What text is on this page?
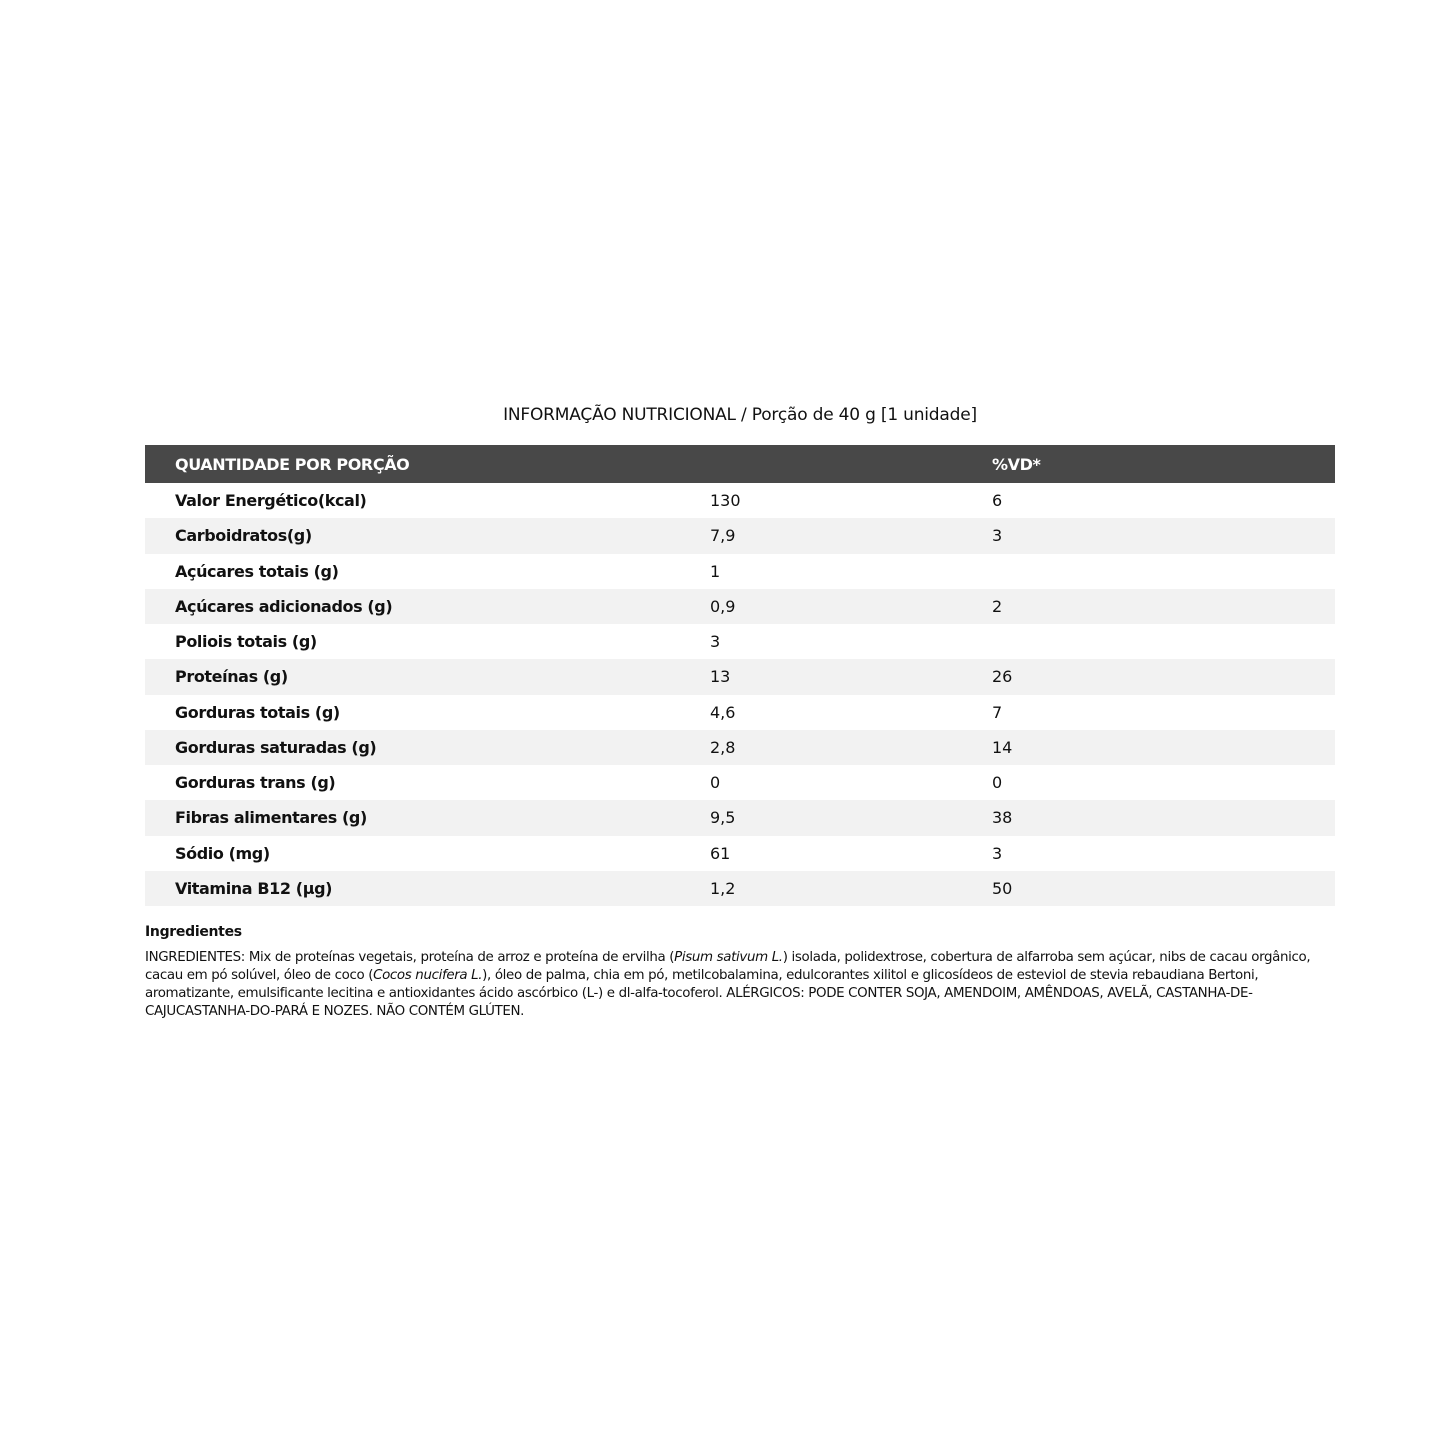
INFORMAÇÃO NUTRICIONAL / Porção de 40 g [1 unidade]
QUANTIDADE POR PORÇÃO		%VD*
Valor Energético(kcal)	130	6
Carboidratos(g)	7,9	3
Açúcares totais (g)	1	
Açúcares adicionados (g)	0,9	2
Poliois totais (g)	3	
Proteínas (g)	13	26
Gorduras totais (g)	4,6	7
Gorduras saturadas (g)	2,8	14
Gorduras trans (g)	0	0
Fibras alimentares (g)	9,5	38
Sódio (mg)	61	3
Vitamina B12 (µg)	1,2	50
Ingredientes
INGREDIENTES: Mix de proteínas vegetais, proteína de arroz e proteína de ervilha (Pisum sativum L.) isolada, polidextrose, cobertura de alfarroba sem açúcar, nibs de cacau orgânico, cacau em pó solúvel, óleo de coco (Cocos nucifera L.), óleo de palma, chia em pó, metilcobalamina, edulcorantes xilitol e glicosídeos de esteviol de stevia rebaudiana Bertoni, aromatizante, emulsificante lecitina e antioxidantes ácido ascórbico (L-) e dl-alfa-tocoferol. ALÉRGICOS: PODE CONTER SOJA, AMENDOIM, AMÊNDOAS, AVELÃ, CASTANHA-DE-CAJUCASTANHA-DO-PARÁ E NOZES. NÃO CONTÉM GLÚTEN.
